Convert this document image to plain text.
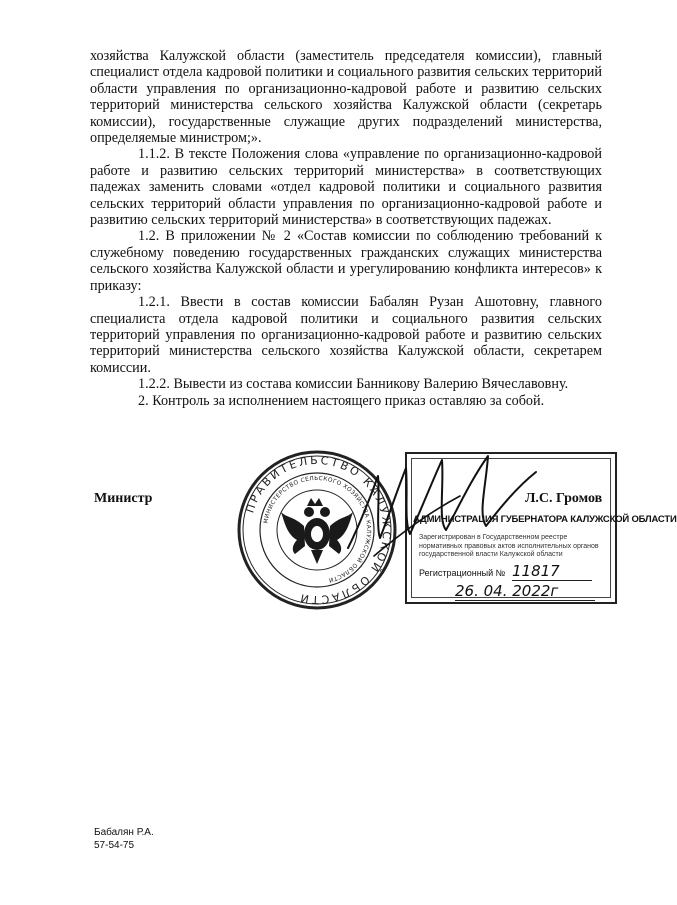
хозяйства Калужской области (заместитель председателя комиссии), главный специалист отдела кадровой политики и социального развития сельских территорий области управления по организационно-кадровой работе и развитию сельских территорий министерства сельского хозяйства Калужской области (секретарь комиссии), государственные служащие других подразделений министерства, определяемые министром;».

1.1.2. В тексте Положения слова «управление по организационно-кадровой работе и развитию сельских территорий министерства» в соответствующих падежах заменить словами «отдел кадровой политики и социального развития сельских территорий области управления по организационно-кадровой работе и развитию сельских территорий министерства» в соответствующих падежах.

1.2. В приложении № 2 «Состав комиссии по соблюдению требований к служебному поведению государственных гражданских служащих министерства сельского хозяйства Калужской области и урегулированию конфликта интересов» к приказу:

1.2.1. Ввести в состав комиссии Бабалян Рузан Ашотовну, главного специалиста отдела кадровой политики и социального развития сельских территорий управления по организационно-кадровой работе и развитию сельских территорий министерства сельского хозяйства Калужской области, секретарем комиссии.

1.2.2. Вывести из состава комиссии Банникову Валерию Вячеславовну.

2. Контроль за исполнением настоящего приказ оставляю за собой.

Министр
ПРАВИТЕЛЬСТВО КАЛУЖСКОЙ ОБЛАСТИ
МИНИСТЕРСТВО СЕЛЬСКОГО ХОЗЯЙСТВА КАЛУЖСКОЙ ОБЛАСТИ
АДМИНИСТРАЦИЯ ГУБЕРНАТОРА КАЛУЖСКОЙ ОБЛАСТИ
Зарегистрирован в Государственном реестре нормативных правовых актов исполнительных органов государственной власти Калужской области
Регистрационный № 11817
26. 04. 2022г
Л.С. Громов
Бабалян Р.А.
57-54-75
